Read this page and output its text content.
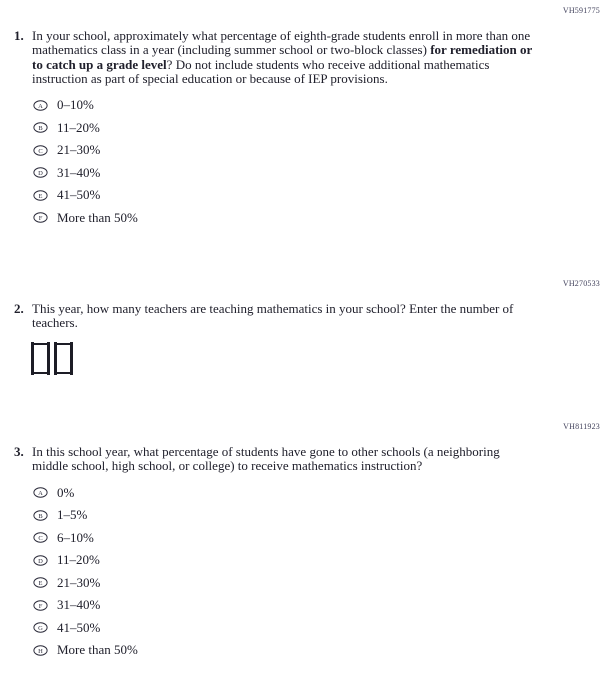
VH591775
1. In your school, approximately what percentage of eighth-grade students enroll in more than one mathematics class in a year (including summer school or two-block classes) for remediation or to catch up a grade level? Do not include students who receive additional mathematics instruction as part of special education or because of IEP provisions.

A 0–10%
B 11–20%
C 21–30%
D 31–40%
E 41–50%
F More than 50%
VH270533
2. This year, how many teachers are teaching mathematics in your school? Enter the number of teachers.

VH811923
3. In this school year, what percentage of students have gone to other schools (a neighboring middle school, high school, or college) to receive mathematics instruction?

A 0%
B 1–5%
C 6–10%
D 11–20%
E 21–30%
F 31–40%
G 41–50%
H More than 50%
